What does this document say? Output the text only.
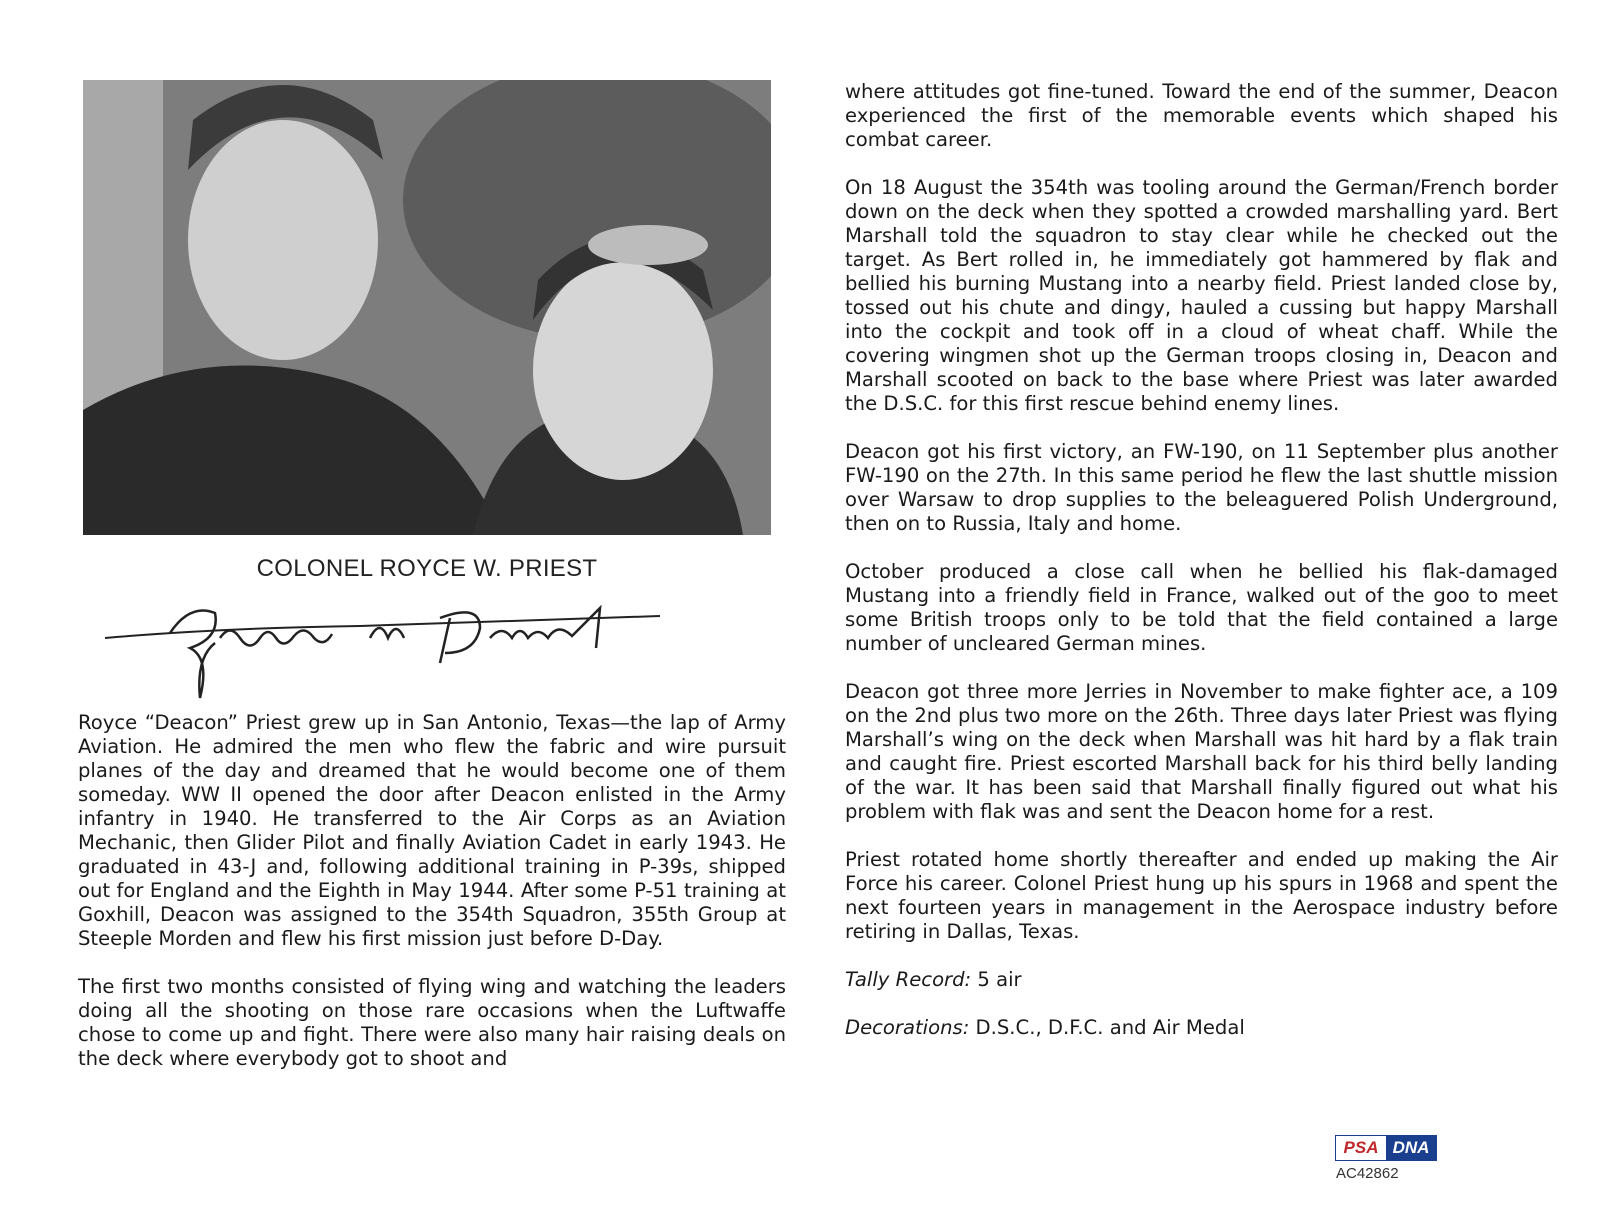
COLONEL ROYCE W. PRIEST

Royce “Deacon” Priest grew up in San Antonio, Texas—the lap of Army Aviation. He admired the men who flew the fabric and wire pursuit planes of the day and dreamed that he would become one of them someday. WW II opened the door after Deacon enlisted in the Army infantry in 1940. He transferred to the Air Corps as an Aviation Mechanic, then Glider Pilot and finally Aviation Cadet in early 1943. He graduated in 43-J and, following additional training in P-39s, shipped out for England and the Eighth in May 1944. After some P-51 training at Goxhill, Deacon was assigned to the 354th Squadron, 355th Group at Steeple Morden and flew his first mission just before D-Day.

The first two months consisted of flying wing and watching the leaders doing all the shooting on those rare occasions when the Luftwaffe chose to come up and fight. There were also many hair raising deals on the deck where everybody got to shoot and

where attitudes got fine-tuned. Toward the end of the summer, Deacon experienced the first of the memorable events which shaped his combat career.

On 18 August the 354th was tooling around the German/French border down on the deck when they spotted a crowded marshalling yard. Bert Marshall told the squadron to stay clear while he checked out the target. As Bert rolled in, he immediately got hammered by flak and bellied his burning Mustang into a nearby field. Priest landed close by, tossed out his chute and dingy, hauled a cussing but happy Marshall into the cockpit and took off in a cloud of wheat chaff. While the covering wingmen shot up the German troops closing in, Deacon and Marshall scooted on back to the base where Priest was later awarded the D.S.C. for this first rescue behind enemy lines.

Deacon got his first victory, an FW-190, on 11 September plus another FW-190 on the 27th. In this same period he flew the last shuttle mission over Warsaw to drop supplies to the beleaguered Polish Underground, then on to Russia, Italy and home.

October produced a close call when he bellied his flak-damaged Mustang into a friendly field in France, walked out of the goo to meet some British troops only to be told that the field contained a large number of uncleared German mines.

Deacon got three more Jerries in November to make fighter ace, a 109 on the 2nd plus two more on the 26th. Three days later Priest was flying Marshall’s wing on the deck when Marshall was hit hard by a flak train and caught fire. Priest escorted Marshall back for his third belly landing of the war. It has been said that Marshall finally figured out what his problem with flak was and sent the Deacon home for a rest.

Priest rotated home shortly thereafter and ended up making the Air Force his career. Colonel Priest hung up his spurs in 1968 and spent the next fourteen years in management in the Aerospace industry before retiring in Dallas, Texas.

Tally Record: 5 air

Decorations: D.S.C., D.F.C. and Air Medal

PSA DNA
AC42862
